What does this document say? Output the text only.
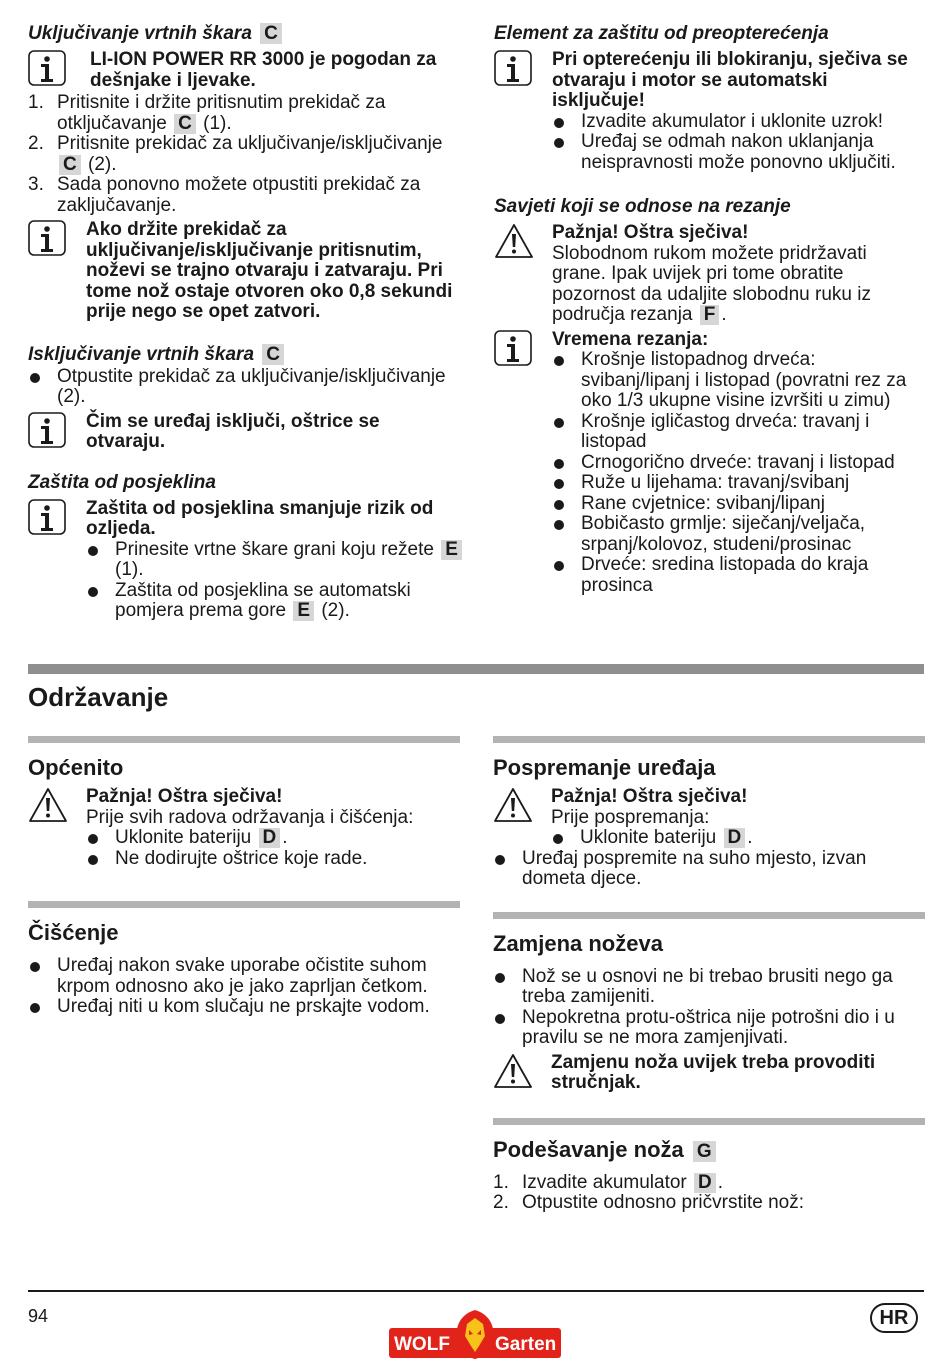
Uključivanje vrtnih škara C
LI-ION POWER RR 3000 je pogodan za dešnjake i ljevake.
1. Pritisnite i držite pritisnutim prekidač za otključavanje C (1).
2. Pritisnite prekidač za uključivanje/isključivanje C (2).
3. Sada ponovno možete otpustiti prekidač za zaključavanje.
Ako držite prekidač za uključivanje/isključivanje pritisnutim, noževi se trajno otvaraju i zatvaraju. Pri tome nož ostaje otvoren oko 0,8 sekundi prije nego se opet zatvori.
Isključivanje vrtnih škara C
Otpustite prekidač za uključivanje/isključivanje (2).
Čim se uređaj isključi, oštrice se otvaraju.
Zaštita od posjeklina
Zaštita od posjeklina smanjuje rizik od ozljeda.
Prinesite vrtne škare grani koju režete E (1).
Zaštita od posjeklina se automatski pomjera prema gore E (2).
Element za zaštitu od preopterećenja
Pri opterećenju ili blokiranju, sječiva se otvaraju i motor se automatski isključuje!
Izvadite akumulator i uklonite uzrok!
Uređaj se odmah nakon uklanjanja neispravnosti može ponovno uključiti.
Savjeti koji se odnose na rezanje
Pažnja! Oštra sječiva!
Slobodnom rukom možete pridržavati grane. Ipak uvijek pri tome obratite pozornost da udaljite slobodnu ruku iz područja rezanja F .
Vremena rezanja:
Krošnje listopadnog drveća: svibanj/lipanj i listopad (povratni rez za oko 1/3 ukupne visine izvršiti u zimu)
Krošnje igličastog drveća: travanj i listopad
Crnogorično drveće: travanj i listopad
Ruže u lijehama: travanj/svibanj
Rane cvjetnice: svibanj/lipanj
Bobičasto grmlje: siječanj/veljača, srpanj/kolovoz, studeni/prosinac
Drveće: sredina listopada do kraja prosinca
Održavanje
Općenito
Pažnja! Oštra sječiva!
Prije svih radova održavanja i čišćenja:
Uklonite bateriju D .
Ne dodirujte oštrice koje rade.
Čišćenje
Uređaj nakon svake uporabe očistite suhom krpom odnosno ako je jako zaprljan četkom.
Uređaj niti u kom slučaju ne prskajte vodom.
Pospremanje uređaja
Pažnja! Oštra sječiva!
Prije pospremanja:
Uklonite bateriju D .
Uređaj pospremite na suho mjesto, izvan dometa djece.
Zamjena noževa
Nož se u osnovi ne bi trebao brusiti nego ga treba zamijeniti.
Nepokretna protu-oštrica nije potrošni dio i u pravilu se ne mora zamjenjivati.
Zamjenu noža uvijek treba provoditi stručnjak.
Podešavanje noža G
1. Izvadite akumulator D .
2. Otpustite odnosno pričvrstite nož:
94
WOLF Garten
HR
